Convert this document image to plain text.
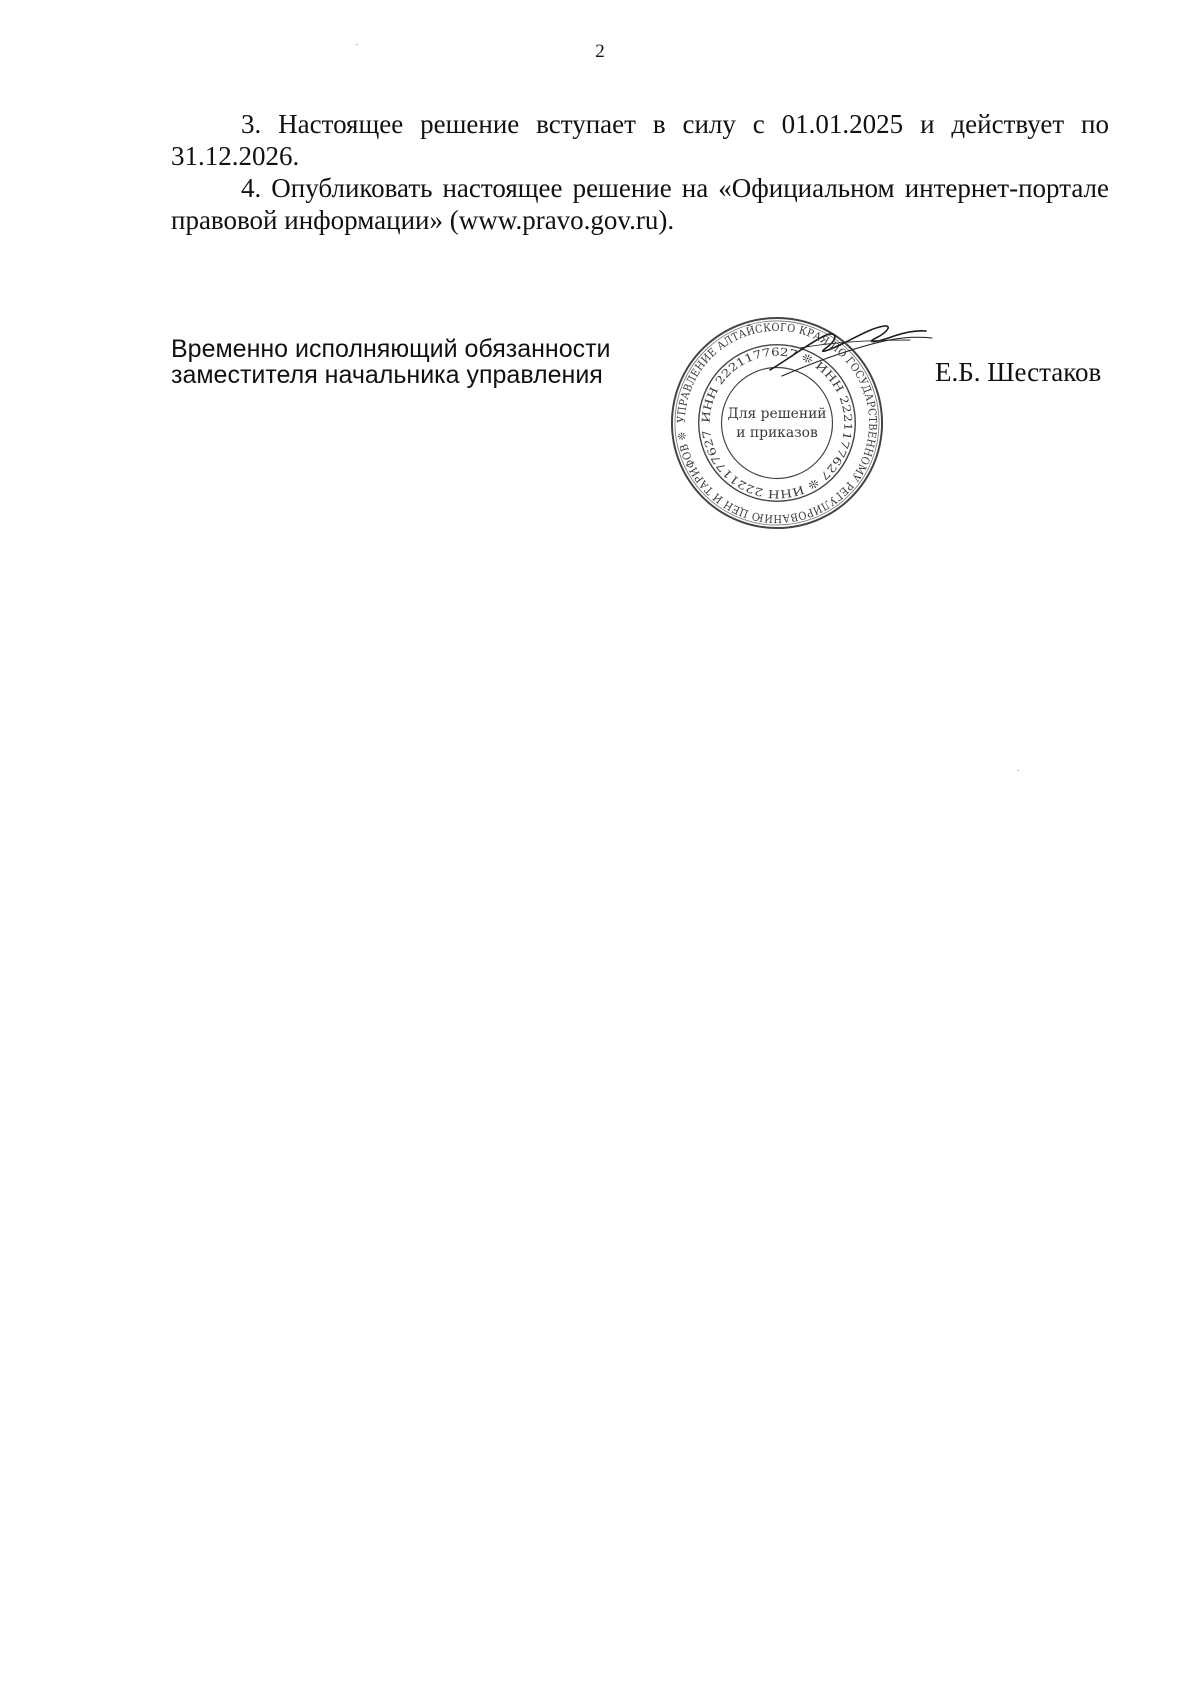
2

3. Настоящее решение вступает в силу с 01.01.2025 и действует по 31.12.2026.

4. Опубликовать настоящее решение на «Официальном интернет-портале правовой информации» (www.pravo.gov.ru).

Временно исполняющий обязанности
заместителя начальника управления
УПРАВЛЕНИЕ АЛТАЙСКОГО КРАЯ ПО ГОСУДАРСТВЕННОМУ РЕГУЛИРОВАНИЮ ЦЕН И ТАРИФОВ ❊
ИНН 2221177627 ❊ ИНН 2221177627 ❊ ИНН 2221177627
Для решений
и приказов
Е.Б. Шестаков
